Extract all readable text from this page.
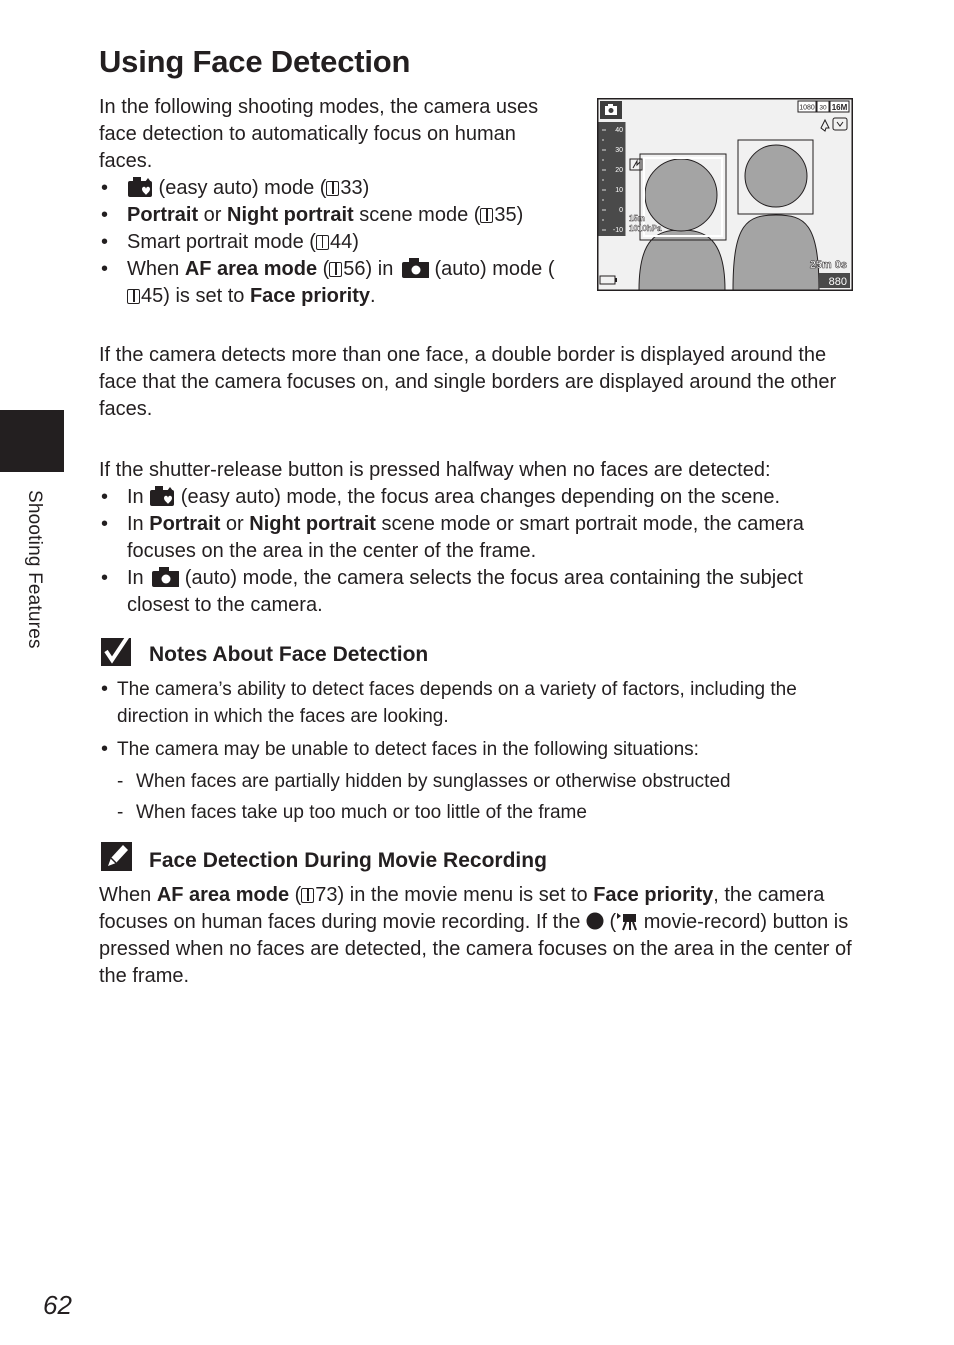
Using Face Detection

In the following shooting modes, the camera uses face detection to automatically focus on human faces.

• (easy auto) mode ( 33)
• Portrait or Night portrait scene mode ( 35)
• Smart portrait mode ( 44)
• When AF area mode ( 56) in  (auto) mode (45) is set to Face priority.
40
30
20
10
0
-10
15m
1010hPa
1080 30 16M
25m 0s
880

If the camera detects more than one face, a double border is displayed around the face that the camera focuses on, and single borders are displayed around the other faces.

If the shutter-release button is pressed halfway when no faces are detected:

• In  (easy auto) mode, the focus area changes depending on the scene.
• In Portrait or Night portrait scene mode or smart portrait mode, the camera focuses on the area in the center of the frame.
• In  (auto) mode, the camera selects the focus area containing the subject closest to the camera.
Notes About Face Detection
• The camera’s ability to detect faces depends on a variety of factors, including the direction in which the faces are looking.
• The camera may be unable to detect faces in the following situations:
- When faces are partially hidden by sunglasses or otherwise obstructed
- When faces take up too much or too little of the frame
Face Detection During Movie Recording

When AF area mode ( 73) in the movie menu is set to Face priority, the camera focuses on human faces during movie recording. If the  ( movie-record) button is pressed when no faces are detected, the camera focuses on the area in the center of the frame.

Shooting Features
62
